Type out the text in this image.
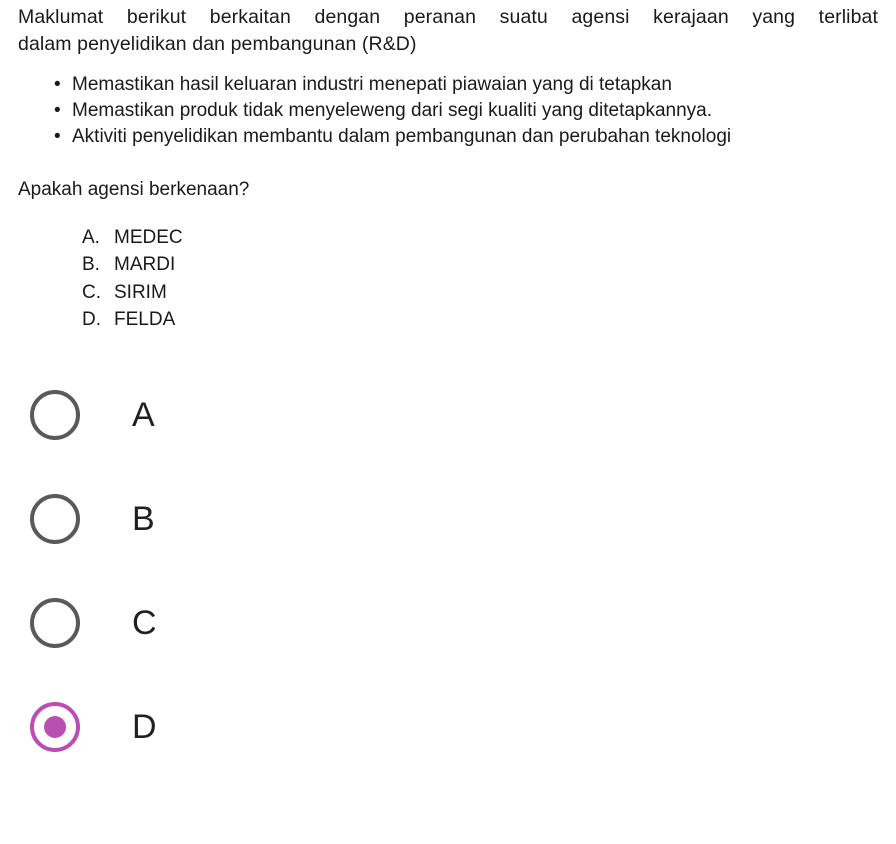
Maklumat berikut berkaitan dengan peranan suatu agensi kerajaan yang terlibat
dalam penyelidikan dan pembangunan (R&D)
• Memastikan hasil keluaran industri menepati piawaian yang di tetapkan
• Memastikan produk tidak menyeleweng dari segi kualiti yang ditetapkannya.
• Aktiviti penyelidikan membantu dalam pembangunan dan perubahan teknologi
Apakah agensi berkenaan?
A. MEDEC
B. MARDI
C. SIRIM
D. FELDA
A
B
C
D
